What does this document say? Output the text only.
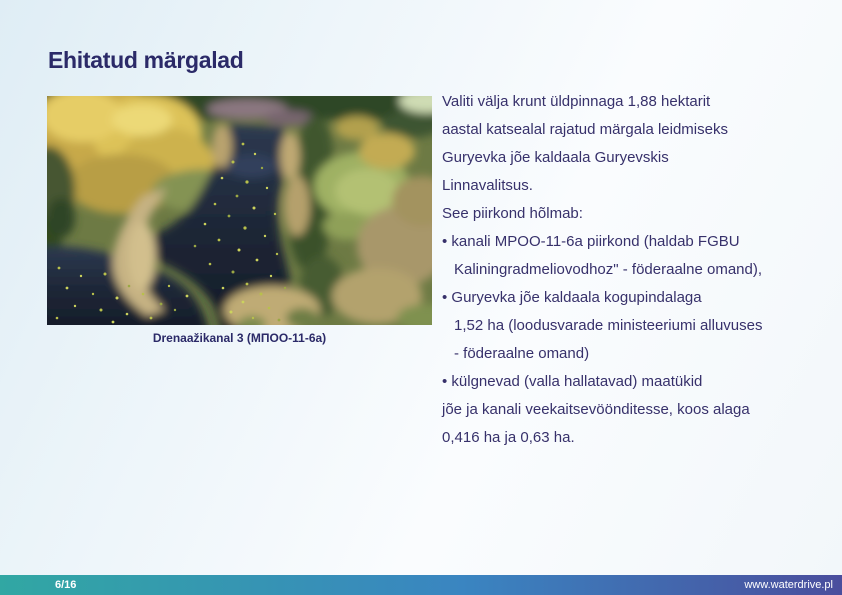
Ehitatud märgalad
Drenaažikanal 3 (МПОО-11-6а)
Valiti välja krunt üldpinnaga 1,88 hektarit
aastal katsealal rajatud märgala leidmiseks
Guryevka jõe kaldaala Guryevskis
Linnavalitsus.
See piirkond hõlmab:
• kanali MPOO-11-6a piirkond (haldab FGBU
Kaliningradmeliovodhoz" - föderaalne omand),
• Guryevka jõe kaldaala kogupindalaga
1,52 ha (loodusvarade ministeeriumi alluvuses
- föderaalne omand)
• külgnevad (valla hallatavad) maatükid
jõe ja kanali veekaitsevöönditesse, koos alaga
0,416 ha ja 0,63 ha.
6/16	www.waterdrive.pl
